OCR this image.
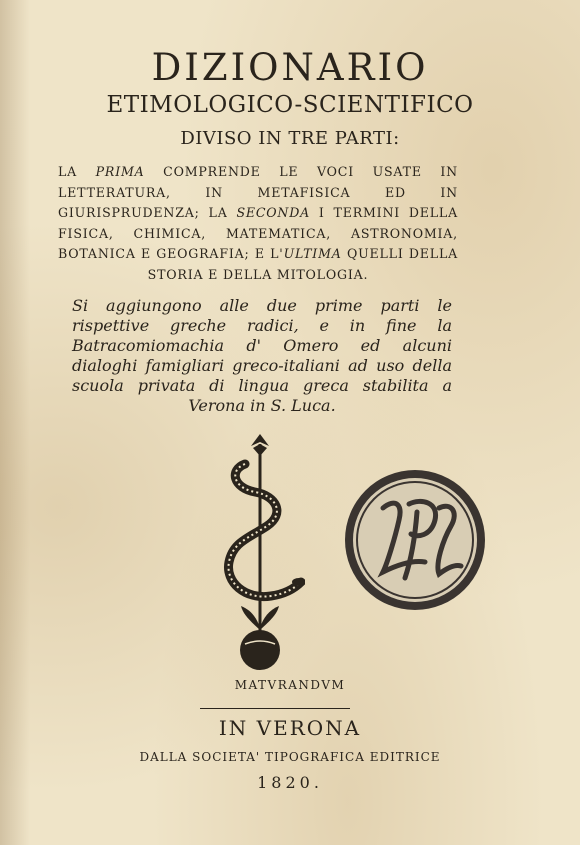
DIZIONARIO
ETIMOLOGICO-SCIENTIFICO
DIVISO IN TRE PARTI:
LA PRIMA COMPRENDE LE VOCI USATE IN LETTERATURA, IN METAFISICA ED IN GIURISPRUDENZA; LA SECONDA I TERMINI DELLA FISICA, CHIMICA, MATEMATICA, ASTRONOMIA, BOTANICA E GEOGRAFIA; E L'ULTIMA QUELLI DELLA STORIA E DELLA MITOLOGIA.
Si aggiungono alle due prime parti le rispettive greche radici, e in fine la Batracomiomachia d' Omero ed alcuni dialoghi famigliari greco-italiani ad uso della scuola privata di lingua greca stabilita a Verona in S. Luca.
MATVRANDVM
IN VERONA
DALLA SOCIETA' TIPOGRAFICA EDITRICE
1820.
LPL
